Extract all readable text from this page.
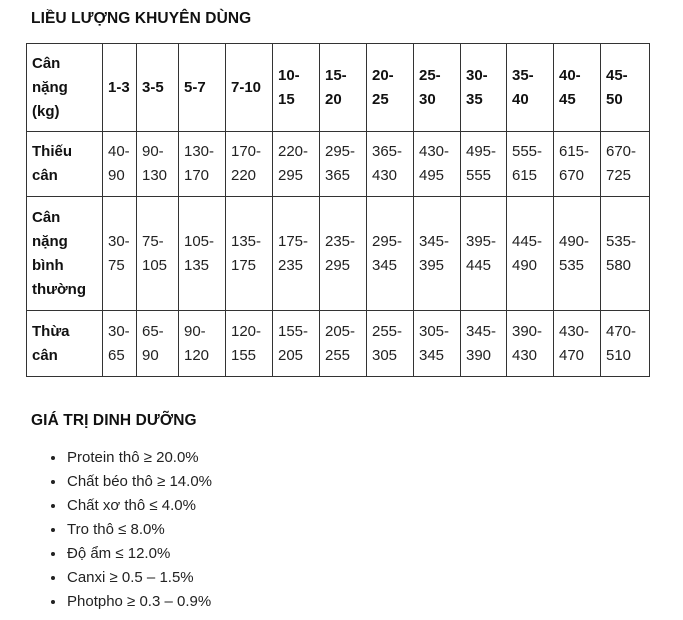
LIỀU LƯỢNG KHUYÊN DÙNG
Cân nặng (kg)	1-3	3-5	5-7	7-10	10-15	15-20	20-25	25-30	30-35	35-40	40-45	45-50
Thiếu cân	40-90	90-130	130-170	170-220	220-295	295-365	365-430	430-495	495-555	555-615	615-670	670-725
Cân nặng bình thường	30-75	75-105	105-135	135-175	175-235	235-295	295-345	345-395	395-445	445-490	490-535	535-580
Thừa cân	30-65	65-90	90-120	120-155	155-205	205-255	255-305	305-345	345-390	390-430	430-470	470-510
GIÁ TRỊ DINH DƯỠNG
• Protein thô ≥ 20.0%
• Chất béo thô ≥ 14.0%
• Chất xơ thô ≤ 4.0%
• Tro thô ≤ 8.0%
• Độ ẩm ≤ 12.0%
• Canxi ≥ 0.5 – 1.5%
• Photpho ≥ 0.3 – 0.9%
